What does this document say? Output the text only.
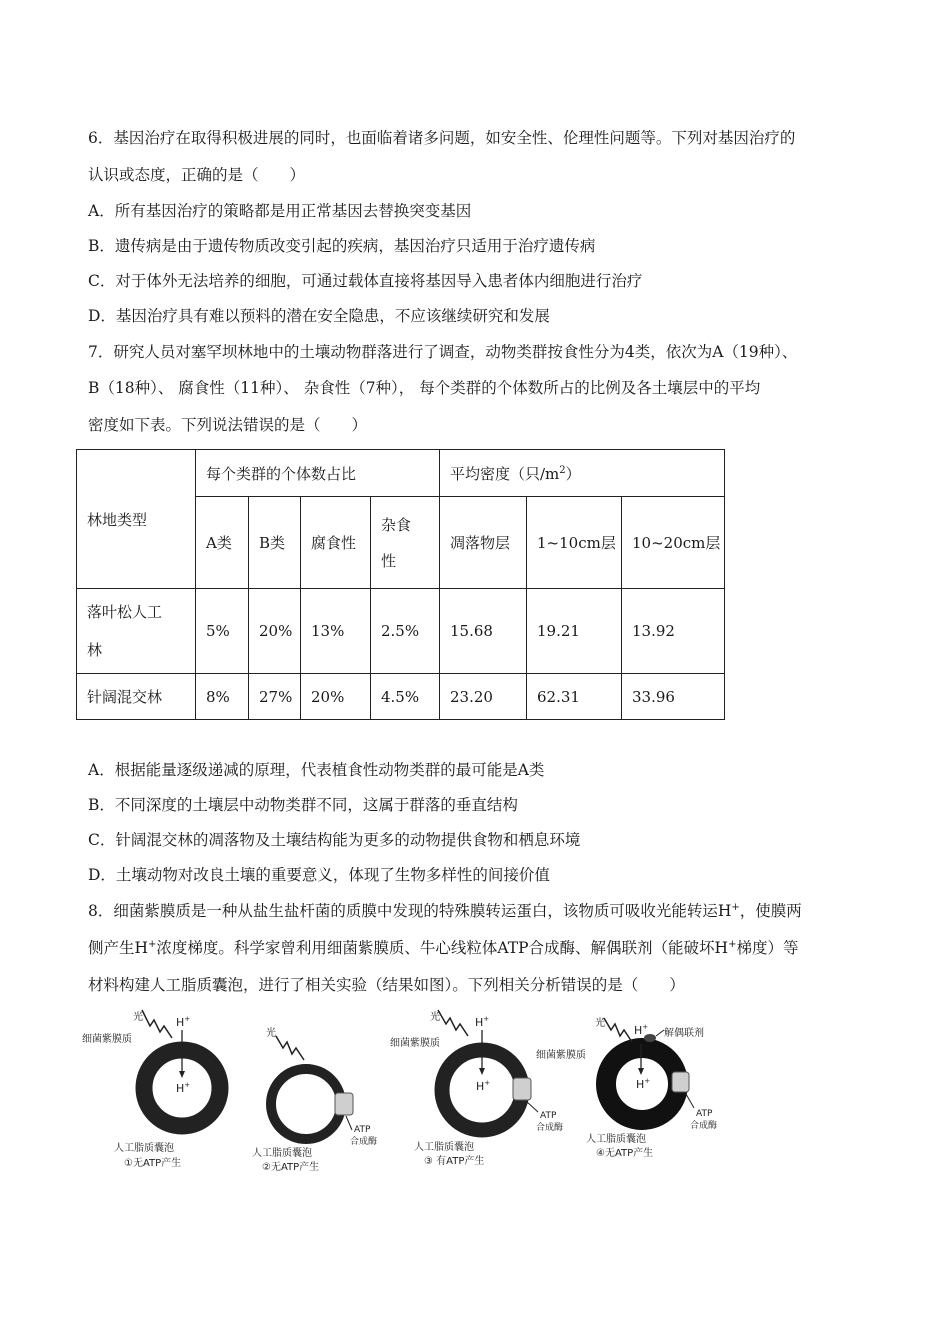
6．基因治疗在取得积极进展的同时，也面临着诸多问题，如安全性、伦理性问题等。下列对基因治疗的
认识或态度，正确的是（　　）
A．所有基因治疗的策略都是用正常基因去替换突变基因
B．遗传病是由于遗传物质改变引起的疾病，基因治疗只适用于治疗遗传病
C．对于体外无法培养的细胞，可通过载体直接将基因导入患者体内细胞进行治疗
D．基因治疗具有难以预料的潜在安全隐患，不应该继续研究和发展
7．研究人员对塞罕坝林地中的土壤动物群落进行了调查，动物类群按食性分为4类，依次为A（19种）、
B（18种）、 腐食性（11种）、 杂食性（7种）， 每个类群的个体数所占的比例及各土壤层中的平均
密度如下表。下列说法错误的是（　　）
林地类型	每个类群的个体数占比				平均密度（只$/m^2$）		
	A类	B类	腐食性	杂食
性	凋落物层	1~10cm层	10~20cm层
落叶松人工
林	5%	20%	13%	2.5%	15.68	19.21	13.92
针阔混交林	8%	27%	20%	4.5%	23.20	62.31	33.96
A．根据能量逐级递减的原理，代表植食性动物类群的最可能是A类
B．不同深度的土壤层中动物类群不同，这属于群落的垂直结构
C．针阔混交林的凋落物及土壤结构能为更多的动物提供食物和栖息环境
D．土壤动物对改良土壤的重要意义，体现了生物多样性的间接价值
8．细菌紫膜质是一种从盐生盐杆菌的质膜中发现的特殊膜转运蛋白，该物质可吸收光能转运H+，使膜两
侧产生H+浓度梯度。科学家曾利用细菌紫膜质、牛心线粒体ATP合成酶、解偶联剂（能破坏H+梯度）等
材料构建人工脂质囊泡，进行了相关实验（结果如图）。下列相关分析错误的是（　　）
光	H+
细菌紫膜质
H+
人工脂质囊泡
①无ATP产生
光
ATP
合成酶
人工脂质囊泡
②无ATP产生
光	H+
细菌紫膜质
H+
ATP
合成酶
人工脂质囊泡
③ 有ATP产生
光
H+
细菌紫膜质
解偶联剂
H+
ATP
合成酶
人工脂质囊泡
④无ATP产生
